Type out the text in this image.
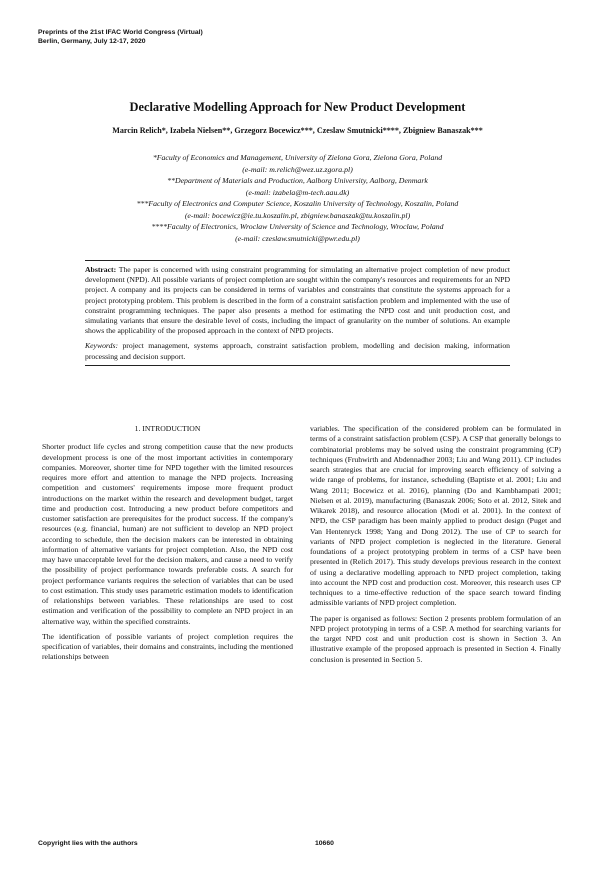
Preprints of the 21st IFAC World Congress (Virtual)
Berlin, Germany, July 12-17, 2020
Declarative Modelling Approach for New Product Development
Marcin Relich*, Izabela Nielsen**, Grzegorz Bocewicz***, Czeslaw Smutnicki****, Zbigniew Banaszak***
*Faculty of Economics and Management, University of Zielona Gora, Zielona Gora, Poland
(e-mail: m.relich@wez.uz.zgora.pl)
**Department of Materials and Production, Aalborg University, Aalborg, Denmark
(e-mail: izabela@m-tech.aau.dk)
***Faculty of Electronics and Computer Science, Koszalin University of Technology, Koszalin, Poland
(e-mail: bocewicz@ie.tu.koszalin.pl, zbigniew.banaszak@tu.koszalin.pl)
****Faculty of Electronics, Wroclaw University of Science and Technology, Wroclaw, Poland
(e-mail: czeslaw.smutnicki@pwr.edu.pl)

Abstract: The paper is concerned with using constraint programming for simulating an alternative project completion of new product development (NPD). All possible variants of project completion are sought within the company's resources and requirements for an NPD project. A company and its projects can be considered in terms of variables and constraints that constitute the systems approach for a project prototyping problem. This problem is described in the form of a constraint satisfaction problem and implemented with the use of constraint programming techniques. The paper also presents a method for estimating the NPD cost and unit production cost, and simulating variants that ensure the desirable level of costs, including the impact of granularity on the number of solutions. An example shows the applicability of the proposed approach in the context of NPD projects.

Keywords: project management, systems approach, constraint satisfaction problem, modelling and decision making, information processing and decision support.

1. INTRODUCTION

Shorter product life cycles and strong competition cause that the new products development process is one of the most important activities in contemporary companies. Moreover, shorter time for NPD together with the limited resources requires more effort and attention to manage the NPD projects. Increasing competition and customers' requirements impose more frequent product introductions on the market within the research and development budget, target time and production cost. Introducing a new product before competitors and customer satisfaction are prerequisites for the product success. If the company's resources (e.g. financial, human) are not sufficient to develop an NPD project according to schedule, then the decision makers can be interested in obtaining information of alternative variants for project completion. Also, the NPD cost may have unacceptable level for the decision makers, and cause a need to verify the possibility of project performance towards preferable costs. A search for project performance variants requires the selection of variables that can be used to cost estimation. This study uses parametric estimation models to identification of relationships between variables. These relationships are used to cost estimation and verification of the possibility to complete an NPD project in an alternative way, within the specified constraints.

The identification of possible variants of project completion requires the specification of variables, their domains and constraints, including the mentioned relationships between

variables. The specification of the considered problem can be formulated in terms of a constraint satisfaction problem (CSP). A CSP that generally belongs to combinatorial problems may be solved using the constraint programming (CP) techniques (Fruhwirth and Abdennadher 2003; Liu and Wang 2011). CP includes search strategies that are crucial for improving search efficiency of solving a wide range of problems, for instance, scheduling (Baptiste et al. 2001; Liu and Wang 2011; Bocewicz et al. 2016), planning (Do and Kambhampati 2001; Nielsen et al. 2019), manufacturing (Banaszak 2006; Soto et al. 2012, Sitek and Wikarek 2018), and resource allocation (Modi et al. 2001). In the context of NPD, the CSP paradigm has been mainly applied to product design (Puget and Van Hentenryck 1998; Yang and Dong 2012). The use of CP to search for variants of NPD project completion is neglected in the literature. General foundations of a project prototyping problem in terms of a CSP have been presented in (Relich 2017). This study develops previous research in the context of using a declarative modelling approach to NPD project completion, taking into account the NPD cost and production cost. Moreover, this research uses CP techniques to a time-effective reduction of the space search toward finding admissible variants of NPD project completion.

The paper is organised as follows: Section 2 presents problem formulation of an NPD project prototyping in terms of a CSP. A method for searching variants for the target NPD cost and unit production cost is shown in Section 3. An illustrative example of the proposed approach is presented in Section 4. Finally conclusion is presented in Section 5.

Copyright lies with the authors	10660
